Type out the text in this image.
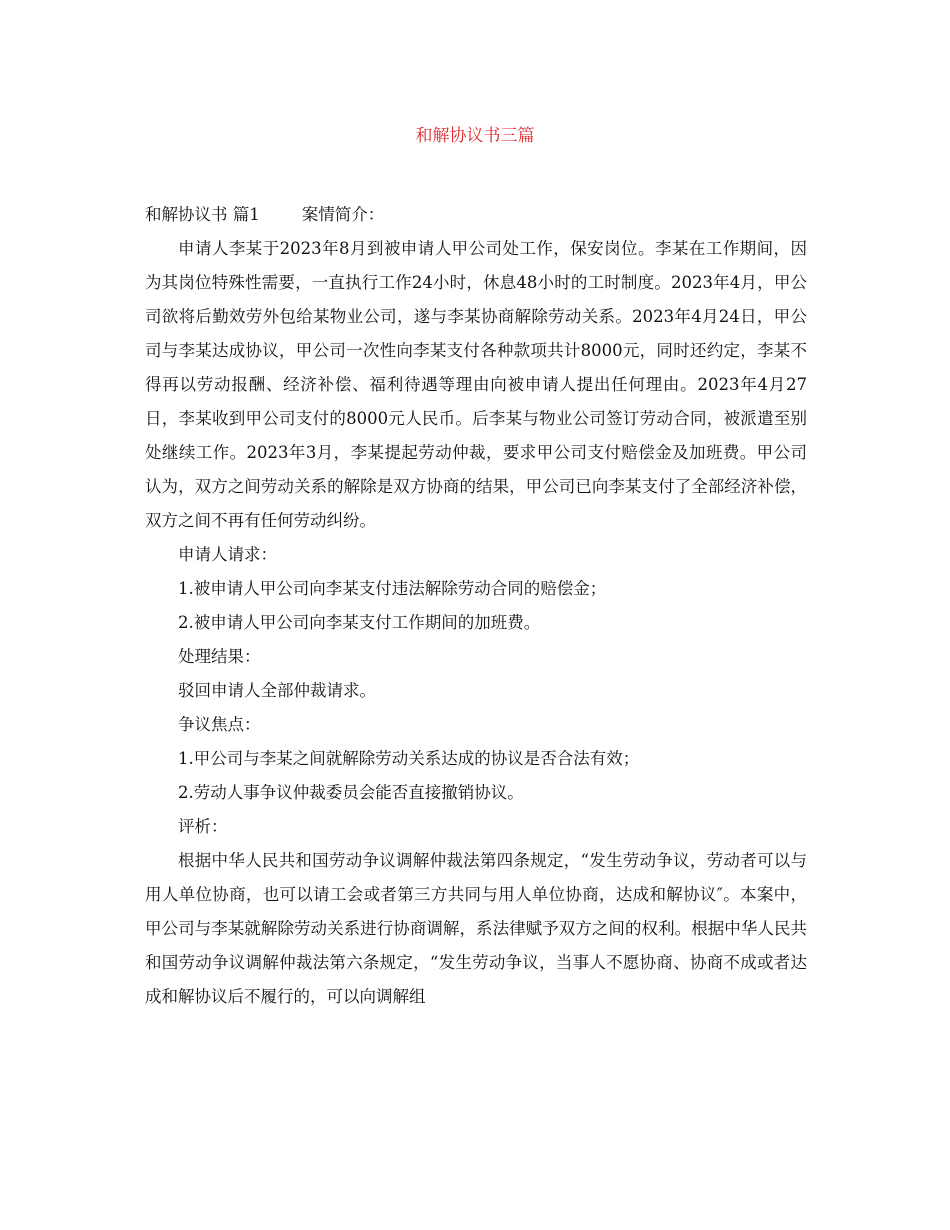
和解协议书三篇

和解协议书 篇1	案情简介：

申请人李某于2023年8月到被申请人甲公司处工作，保安岗位。李某在工作期间，因为其岗位特殊性需要，一直执行工作24小时，休息48小时的工时制度。2023年4月，甲公司欲将后勤效劳外包给某物业公司，遂与李某协商解除劳动关系。2023年4月24日，甲公司与李某达成协议，甲公司一次性向李某支付各种款项共计8000元，同时还约定，李某不得再以劳动报酬、经济补偿、福利待遇等理由向被申请人提出任何理由。2023年4月27日，李某收到甲公司支付的8000元人民币。后李某与物业公司签订劳动合同，被派遣至别处继续工作。2023年3月，李某提起劳动仲裁，要求甲公司支付赔偿金及加班费。甲公司认为，双方之间劳动关系的解除是双方协商的结果，甲公司已向李某支付了全部经济补偿，双方之间不再有任何劳动纠纷。

申请人请求：

1.被申请人甲公司向李某支付违法解除劳动合同的赔偿金；

2.被申请人甲公司向李某支付工作期间的加班费。

处理结果：

驳回申请人全部仲裁请求。

争议焦点：

1.甲公司与李某之间就解除劳动关系达成的协议是否合法有效；

2.劳动人事争议仲裁委员会能否直接撤销协议。

评析：

根据中华人民共和国劳动争议调解仲裁法第四条规定，“发生劳动争议，劳动者可以与用人单位协商，也可以请工会或者第三方共同与用人单位协商，达成和解协议″。本案中，甲公司与李某就解除劳动关系进行协商调解，系法律赋予双方之间的权利。根据中华人民共和国劳动争议调解仲裁法第六条规定，“发生劳动争议，当事人不愿协商、协商不成或者达成和解协议后不履行的，可以向调解组
